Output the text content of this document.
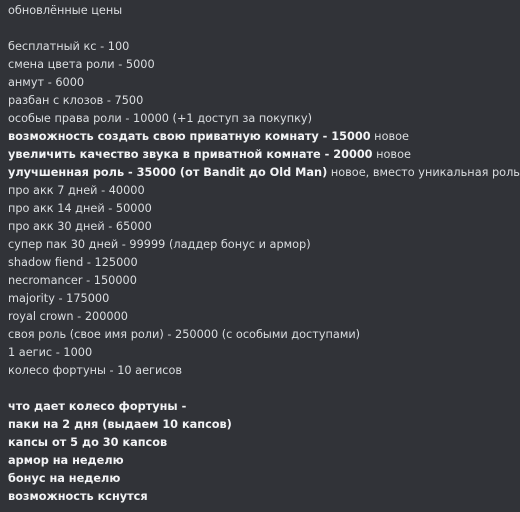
обновлённые цены
бесплатный кс - 100
смена цвета роли - 5000
анмут - 6000
разбан с клозов - 7500
особые права роли - 10000 (+1 доступ за покупку)
возможность создать свою приватную комнату - 15000 новое
увеличить качество звука в приватной комнате - 20000 новое
улучшенная роль - 35000 (от Bandit до Old Man) новое, вместо уникальная роль
про акк 7 дней - 40000
про акк 14 дней - 50000
про акк 30 дней - 65000
супер пак 30 дней - 99999 (ладдер бонус и армор)
shadow fiend - 125000
necromancer - 150000
majority - 175000
royal crown - 200000
своя роль (свое имя роли) - 250000 (с особыми доступами)
1 аегис - 1000
колесо фортуны - 10 аегисов
что дает колесо фортуны -
паки на 2 дня (выдаем 10 капсов)
капсы от 5 до 30 капсов
армор на неделю
бонус на неделю
возможность кснутся
